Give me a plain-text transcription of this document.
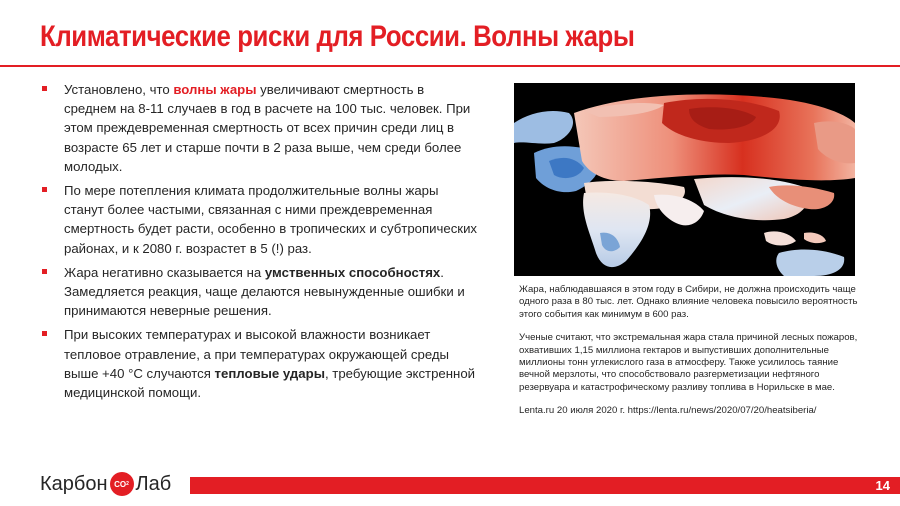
Климатические риски для России. Волны жары
Установлено, что волны жары увеличивают смертность в среднем на 8-11 случаев в год в расчете на 100 тыс. человек. При этом преждевременная смертность от всех причин среди лиц в возрасте 65 лет и старше почти в 2 раза выше, чем среди более молодых.
По мере потепления климата продолжительные волны жары станут более частыми, связанная с ними преждевременная смертность будет расти, особенно в тропических и субтропических районах, и к 2080 г. возрастет в 5 (!) раз.
Жара негативно сказывается на умственных способностях. Замедляется реакция, чаще делаются невынужденные ошибки и принимаются неверные решения.
При высоких температурах и высокой влажности возникает тепловое отравление, а при температурах окружающей среды выше +40 °C случаются тепловые удары, требующие экстренной медицинской помощи.

Жара, наблюдавшаяся в этом году в Сибири, не должна происходить чаще одного раза в 80 тыс. лет. Однако влияние человека повысило вероятность этого события как минимум в 600 раз.

Ученые считают, что экстремальная жара стала причиной лесных пожаров, охвативших 1,15 миллиона гектаров и выпустивших дополнительные миллионы тонн углекислого газа в атмосферу. Также усилилось таяние вечной мерзлоты, что способствовало разгерметизации нефтяного резервуара и катастрофическому разливу топлива в Норильске в мае.

Lenta.ru 20 июля 2020 г. https://lenta.ru/news/2020/07/20/heatsiberia/

Карбон CO 2 Лаб	14
